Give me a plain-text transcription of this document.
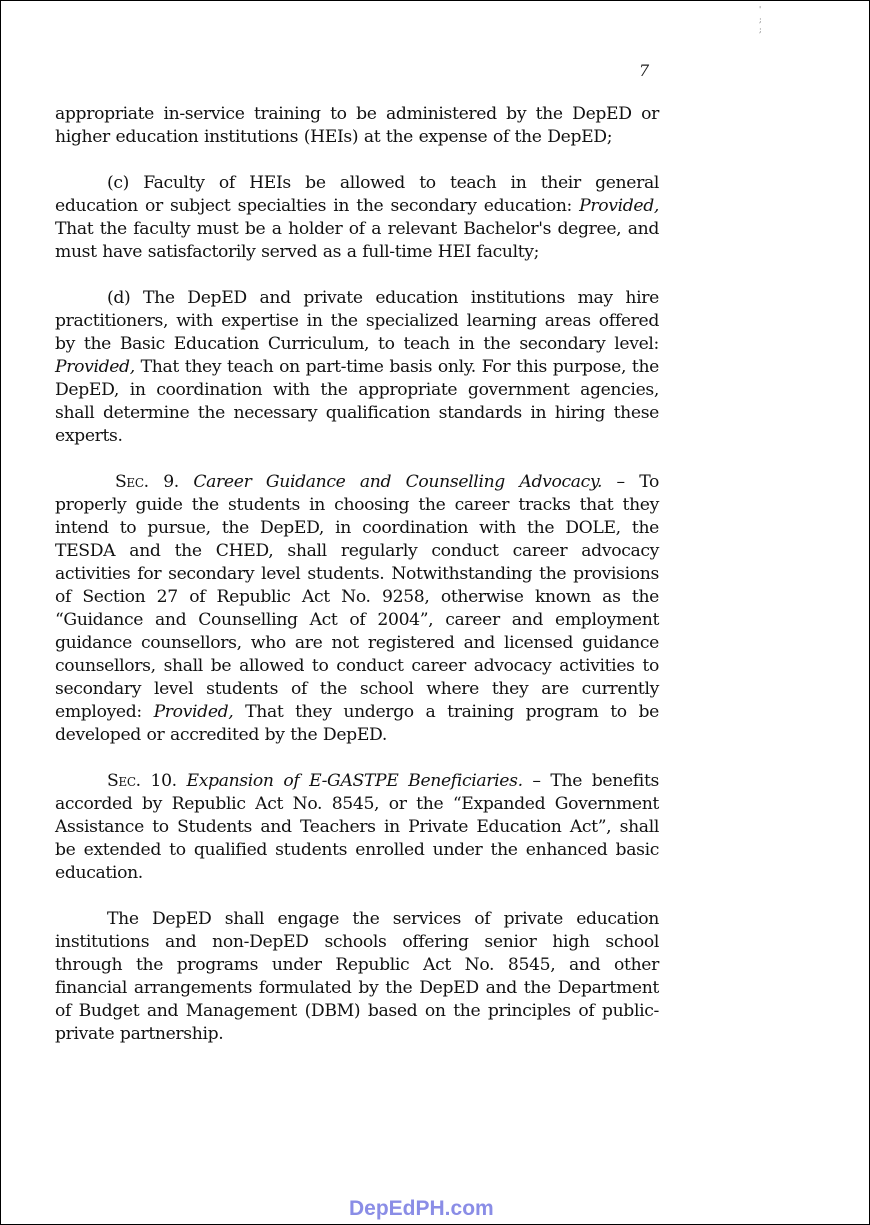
'
;
;
7

appropriate in-service training to be administered by the DepED or higher education institutions (HEIs) at the expense of the DepED;

(c) Faculty of HEIs be allowed to teach in their general education or subject specialties in the secondary education: Provided, That the faculty must be a holder of a relevant Bachelor's degree, and must have satisfactorily served as a full-time HEI faculty;

(d) The DepED and private education institutions may hire practitioners, with expertise in the specialized learning areas offered by the Basic Education Curriculum, to teach in the secondary level: Provided, That they teach on part-time basis only. For this purpose, the DepED, in coordination with the appropriate government agencies, shall determine the necessary qualification standards in hiring these experts.

Sec. 9. Career Guidance and Counselling Advocacy. – To properly guide the students in choosing the career tracks that they intend to pursue, the DepED, in coordination with the DOLE, the TESDA and the CHED, shall regularly conduct career advocacy activities for secondary level students. Notwithstanding the provisions of Section 27 of Republic Act No. 9258, otherwise known as the “Guidance and Counselling Act of 2004”, career and employment guidance counsellors, who are not registered and licensed guidance counsellors, shall be allowed to conduct career advocacy activities to secondary level students of the school where they are currently employed: Provided, That they undergo a training program to be developed or accredited by the DepED.

Sec. 10. Expansion of E-GASTPE Beneficiaries. – The benefits accorded by Republic Act No. 8545, or the “Expanded Government Assistance to Students and Teachers in Private Education Act”, shall be extended to qualified students enrolled under the enhanced basic education.

The DepED shall engage the services of private education institutions and non-DepED schools offering senior high school through the programs under Republic Act No. 8545, and other financial arrangements formulated by the DepED and the Department of Budget and Management (DBM) based on the principles of public-private partnership.

DepEdPH.com
